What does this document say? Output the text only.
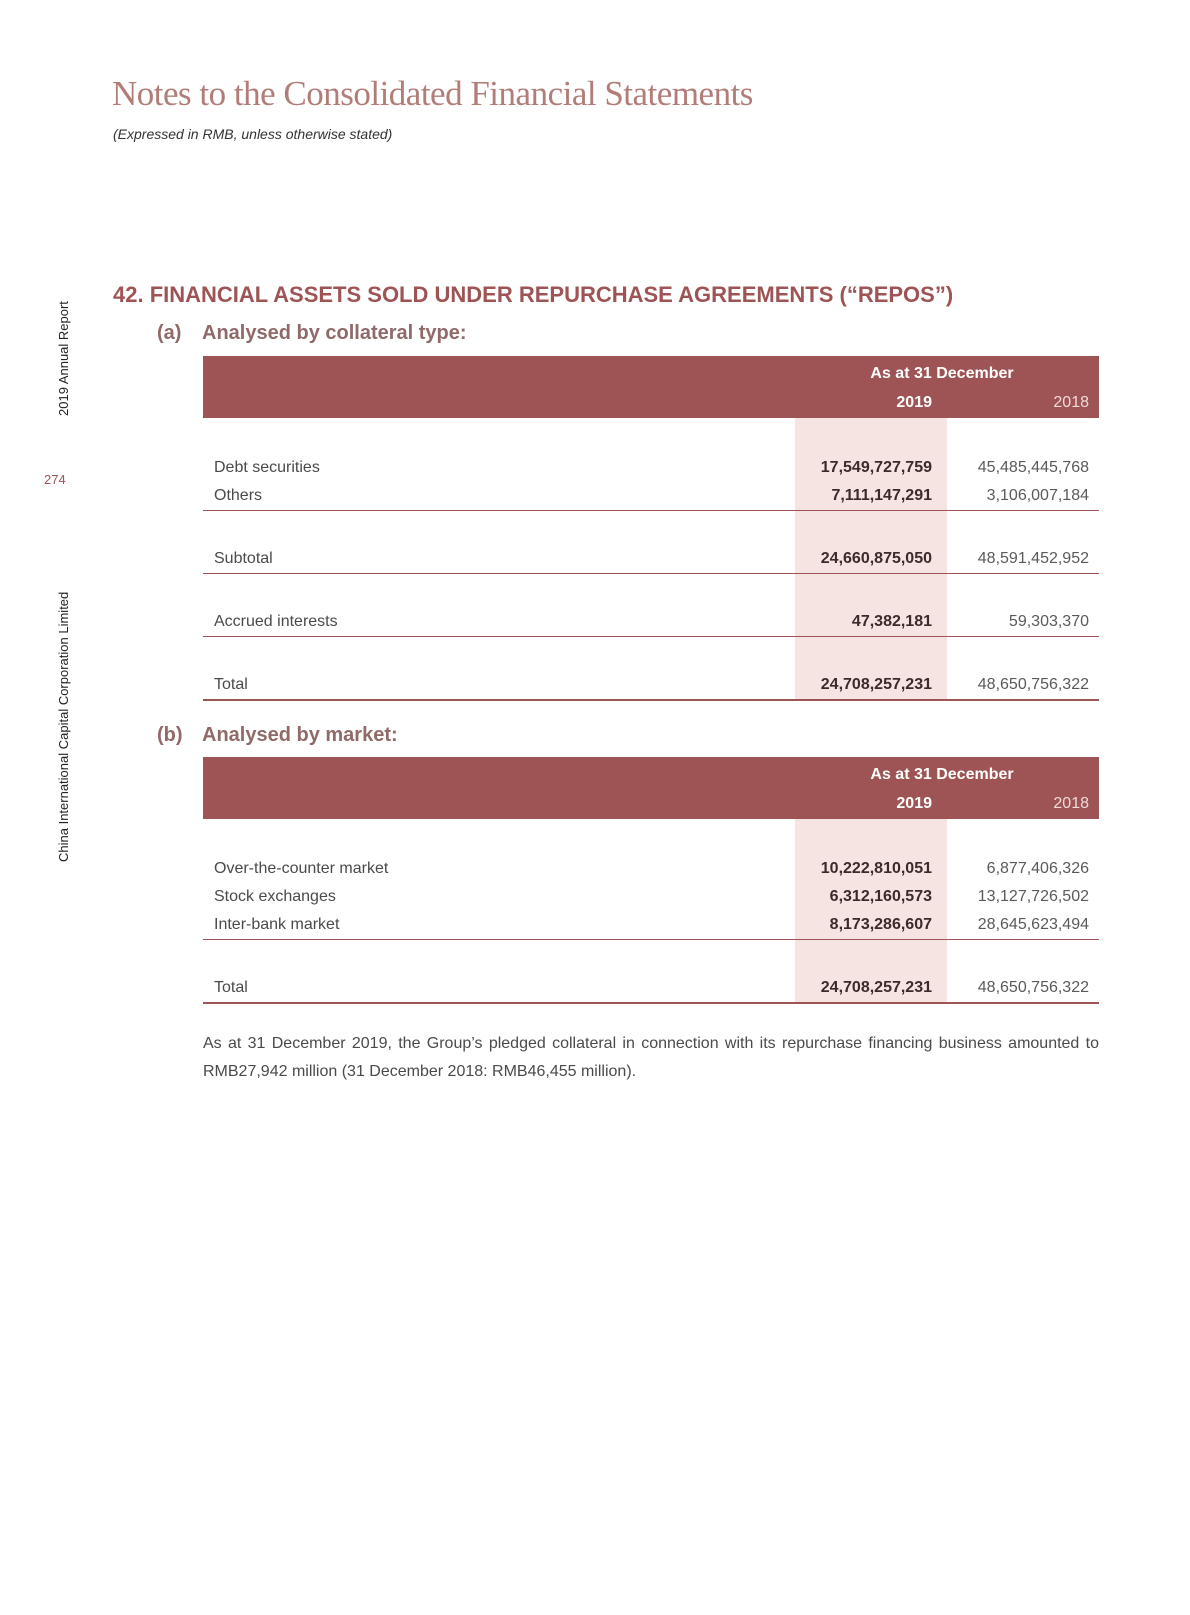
Notes to the Consolidated Financial Statements
(Expressed in RMB, unless otherwise stated)
2019 Annual Report
274
China International Capital Corporation Limited
42. FINANCIAL ASSETS SOLD UNDER REPURCHASE AGREEMENTS (“REPOS”)
(a) Analysed by collateral type:
As at 31 December
2019	2018
Debt securities	17,549,727,759	45,485,445,768
Others	7,111,147,291	3,106,007,184
Subtotal	24,660,875,050	48,591,452,952
Accrued interests	47,382,181	59,303,370
Total	24,708,257,231	48,650,756,322
(b) Analysed by market:
As at 31 December
2019	2018
Over-the-counter market	10,222,810,051	6,877,406,326
Stock exchanges	6,312,160,573	13,127,726,502
Inter-bank market	8,173,286,607	28,645,623,494
Total	24,708,257,231	48,650,756,322
As at 31 December 2019, the Group’s pledged collateral in connection with its repurchase financing business amounted to RMB27,942 million (31 December 2018: RMB46,455 million).
